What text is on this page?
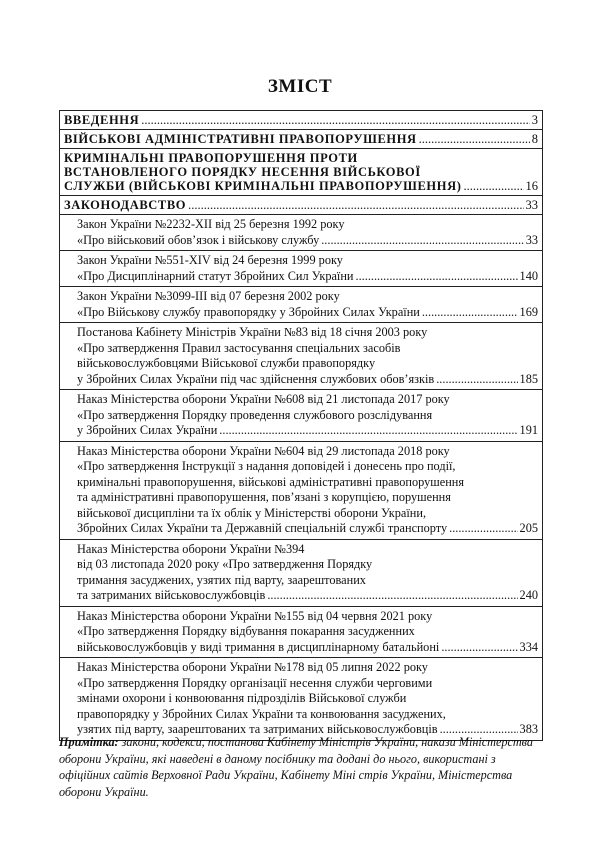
ЗМІСТ
ВВЕДЕННЯ .....	3
ВІЙСЬКОВІ АДМІНІСТРАТИВНІ ПРАВОПОРУШЕННЯ .....	8
КРИМІНАЛЬНІ ПРАВОПОРУШЕННЯ ПРОТИ
ВСТАНОВЛЕНОГО ПОРЯДКУ НЕСЕННЯ ВІЙСЬКОВОЇ
СЛУЖБИ (ВІЙСЬКОВІ КРИМІНАЛЬНІ ПРАВОПОРУШЕННЯ) .....	16
ЗАКОНОДАВСТВО .....	33
Закон України №2232-XII від 25 березня 1992 року
«Про військовий обов’язок і військову службу .....	33
Закон України №551-XIV від 24 березня 1999 року
«Про Дисциплінарний статут Збройних Сил України .....	140
Закон України №3099-III від 07 березня 2002 року
«Про Військову службу правопорядку у Збройних Силах України .....	169
Постанова Кабінету Міністрів України №83 від 18 січня 2003 року
«Про затвердження Правил застосування спеціальних засобів
військовослужбовцями Військової служби правопорядку
у Збройних Силах України під час здійснення службових обов’язків .....	185
Наказ Міністерства оборони України №608 від 21 листопада 2017 року
«Про затвердження Порядку проведення службового розслідування
у Збройних Силах України .....	191
Наказ Міністерства оборони України №604 від 29 листопада 2018 року
«Про затвердження Інструкції з надання доповідей і донесень про події,
кримінальні правопорушення, військові адміністративні правопорушення
та адміністративні правопорушення, пов’язані з корупцією, порушення
військової дисципліни та їх облік у Міністерстві оборони України,
Збройних Силах України та Державній спеціальній службі транспорту .....	205
Наказ Міністерства оборони України №394
від 03 листопада 2020 року «Про затвердження Порядку
тримання засуджених, узятих під варту, заарештованих
та затриманих військовослужбовців .....	240
Наказ Міністерства оборони України №155 від 04 червня 2021 року
«Про затвердження Порядку відбування покарання засудженних
військовослужбовців у виді тримання в дисциплінарному батальйоні .....	334
Наказ Міністерства оборони України №178 від 05 липня 2022 року
«Про затвердження Порядку організації несення служби черговими
змінами охорони і конвоювання підрозділів Військової служби
правопорядку у Збройних Силах України та конвоювання засуджених,
узятих під варту, заарештованих та затриманих військовослужбовців .....	383
Примітка: закони, кодекси, постанова Кабінету Міністрів України, накази Міністерства оборони України, які наведені в даному посібнику та додані до нього, використані з офіційних сайтів Верховної Ради України, Кабінету Міні стрів України, Міністерства оборони України.
